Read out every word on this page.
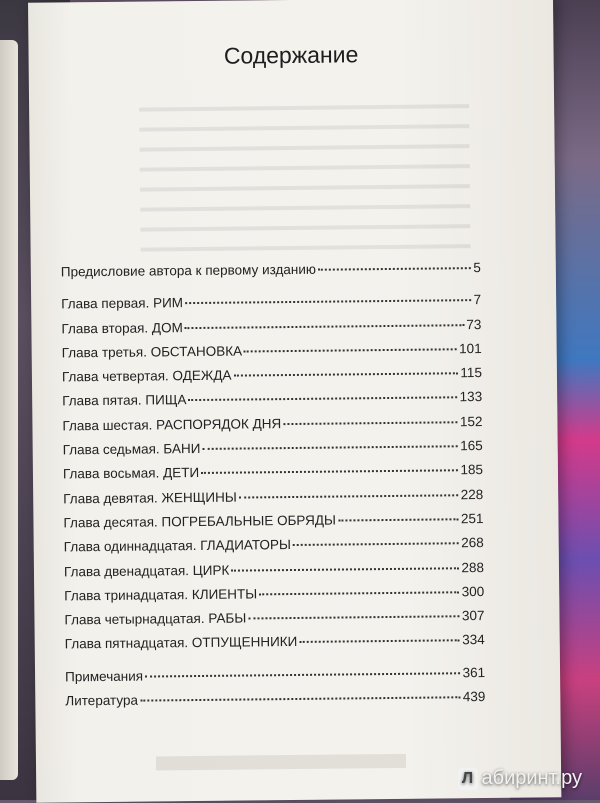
Содержание
Предисловие автора к первому изданию	5
Глава первая. РИМ	7
Глава вторая. ДОМ	73
Глава третья. ОБСТАНОВКА	101
Глава четвертая. ОДЕЖДА	115
Глава пятая. ПИЩА	133
Глава шестая. РАСПОРЯДОК ДНЯ	152
Глава седьмая. БАНИ	165
Глава восьмая. ДЕТИ	185
Глава девятая. ЖЕНЩИНЫ	228
Глава десятая. ПОГРЕБАЛЬНЫЕ ОБРЯДЫ	251
Глава одиннадцатая. ГЛАДИАТОРЫ	268
Глава двенадцатая. ЦИРК	288
Глава тринадцатая. КЛИЕНТЫ	300
Глава четырнадцатая. РАБЫ	307
Глава пятнадцатая. ОТПУЩЕННИКИ	334
Примечания	361
Литература	439
Л абиринт.ру
